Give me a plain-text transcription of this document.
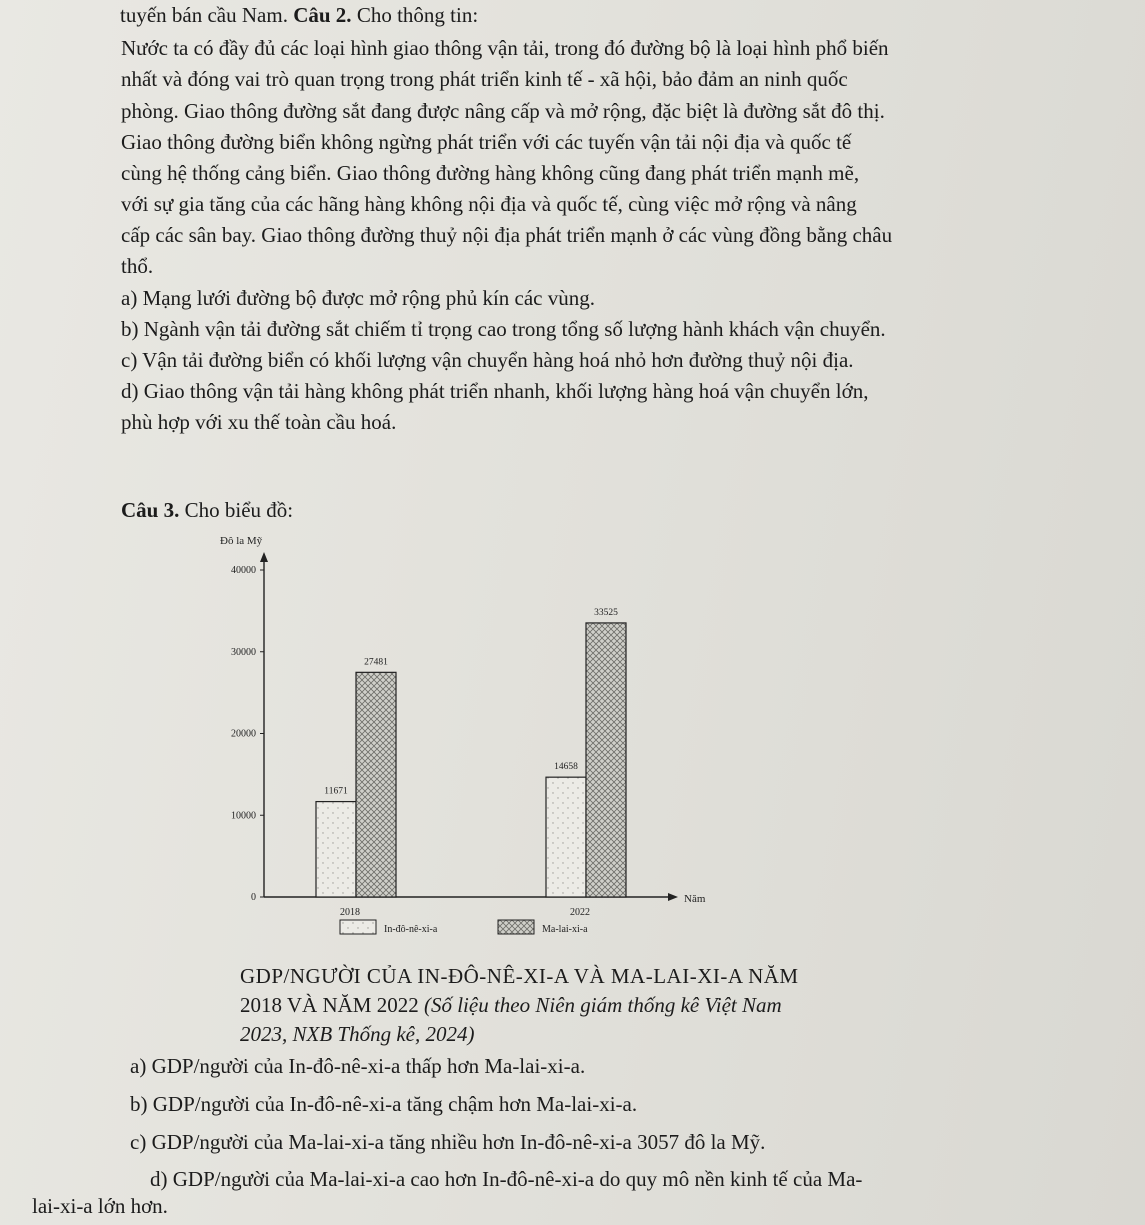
tuyến bán cầu Nam. Câu 2. Cho thông tin:
Nước ta có đầy đủ các loại hình giao thông vận tải, trong đó đường bộ là loại hình phổ biến
nhất và đóng vai trò quan trọng trong phát triển kinh tế - xã hội, bảo đảm an ninh quốc
phòng. Giao thông đường sắt đang được nâng cấp và mở rộng, đặc biệt là đường sắt đô thị.
Giao thông đường biển không ngừng phát triển với các tuyến vận tải nội địa và quốc tế
cùng hệ thống cảng biển. Giao thông đường hàng không cũng đang phát triển mạnh mẽ,
với sự gia tăng của các hãng hàng không nội địa và quốc tế, cùng việc mở rộng và nâng
cấp các sân bay. Giao thông đường thuỷ nội địa phát triển mạnh ở các vùng đồng bằng châu
thổ.
a) Mạng lưới đường bộ được mở rộng phủ kín các vùng.
b) Ngành vận tải đường sắt chiếm tỉ trọng cao trong tổng số lượng hành khách vận chuyển.
c) Vận tải đường biển có khối lượng vận chuyển hàng hoá nhỏ hơn đường thuỷ nội địa.
d) Giao thông vận tải hàng không phát triển nhanh, khối lượng hàng hoá vận chuyển lớn,
phù hợp với xu thế toàn cầu hoá.
Câu 3. Cho biểu đồ:
Đô la Mỹ
Năm
0
10000
20000
30000
40000
11671
27481
2018
14658
33525
2022
In-đô-nê-xi-a	Ma-lai-xi-a
GDP/NGƯỜI CỦA IN-ĐÔ-NÊ-XI-A VÀ MA-LAI-XI-A NĂM
2018 VÀ NĂM 2022 (Số liệu theo Niên giám thống kê Việt Nam
2023, NXB Thống kê, 2024)
a) GDP/người của In-đô-nê-xi-a thấp hơn Ma-lai-xi-a.
b) GDP/người của In-đô-nê-xi-a tăng chậm hơn Ma-lai-xi-a.
c) GDP/người của Ma-lai-xi-a tăng nhiều hơn In-đô-nê-xi-a 3057 đô la Mỹ.
d) GDP/người của Ma-lai-xi-a cao hơn In-đô-nê-xi-a do quy mô nền kinh tế của Ma-
lai-xi-a lớn hơn.
